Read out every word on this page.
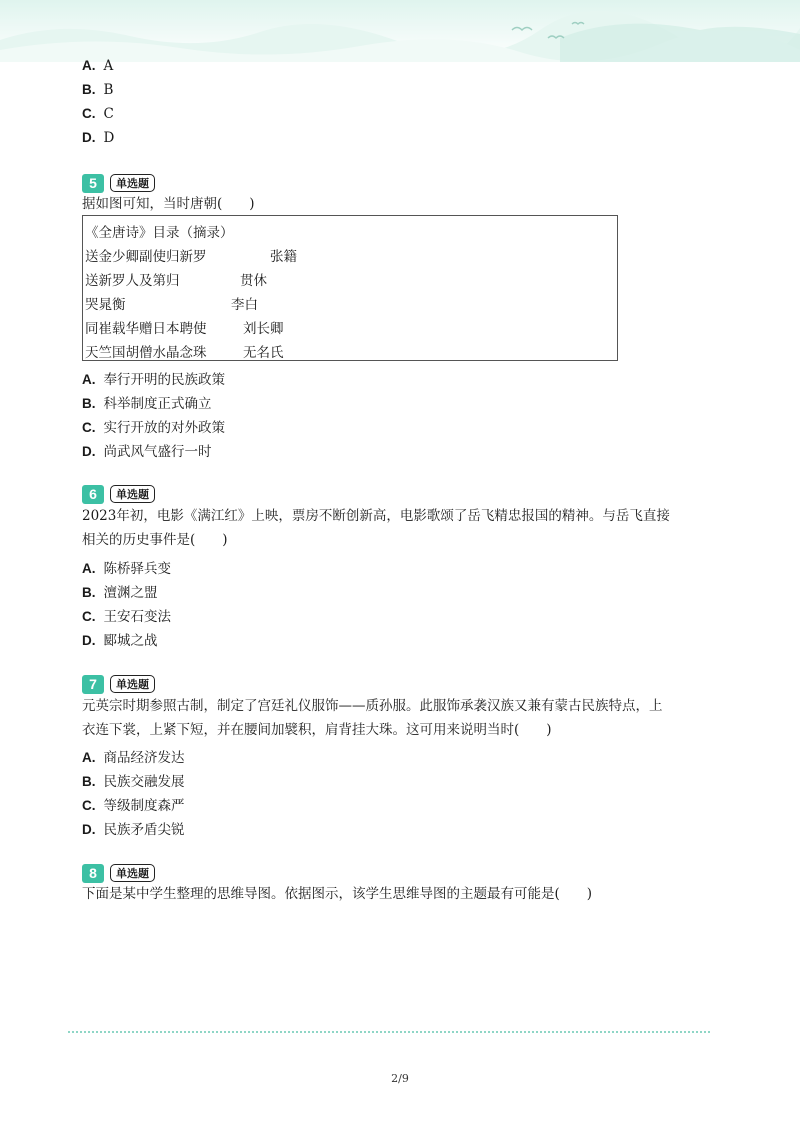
A. A
B. B
C. C
D. D
5	单选题
据如图可知，当时唐朝(　　)
《全唐诗》目录（摘录）
送金少卿副使归新罗	张籍
送新罗人及第归	贯休
哭晁衡	李白
同崔载华赠日本聘使	刘长卿
天竺国胡僧水晶念珠	无名氏
A. 奉行开明的民族政策
B. 科举制度正式确立
C. 实行开放的对外政策
D. 尚武风气盛行一时
6	单选题
2023年初，电影《满江红》上映，票房不断创新高，电影歌颂了岳飞精忠报国的精神。与岳飞直接
相关的历史事件是(　　)
A. 陈桥驿兵变
B. 澶渊之盟
C. 王安石变法
D. 郾城之战
7	单选题
元英宗时期参照古制，制定了宫廷礼仪服饰——质孙服。此服饰承袭汉族又兼有蒙古民族特点，上
衣连下裳，上紧下短，并在腰间加襞积，肩背挂大珠。这可用来说明当时(　　)
A. 商品经济发达
B. 民族交融发展
C. 等级制度森严
D. 民族矛盾尖锐
8	单选题
下面是某中学生整理的思维导图。依据图示，该学生思维导图的主题最有可能是(　　)
2/9
